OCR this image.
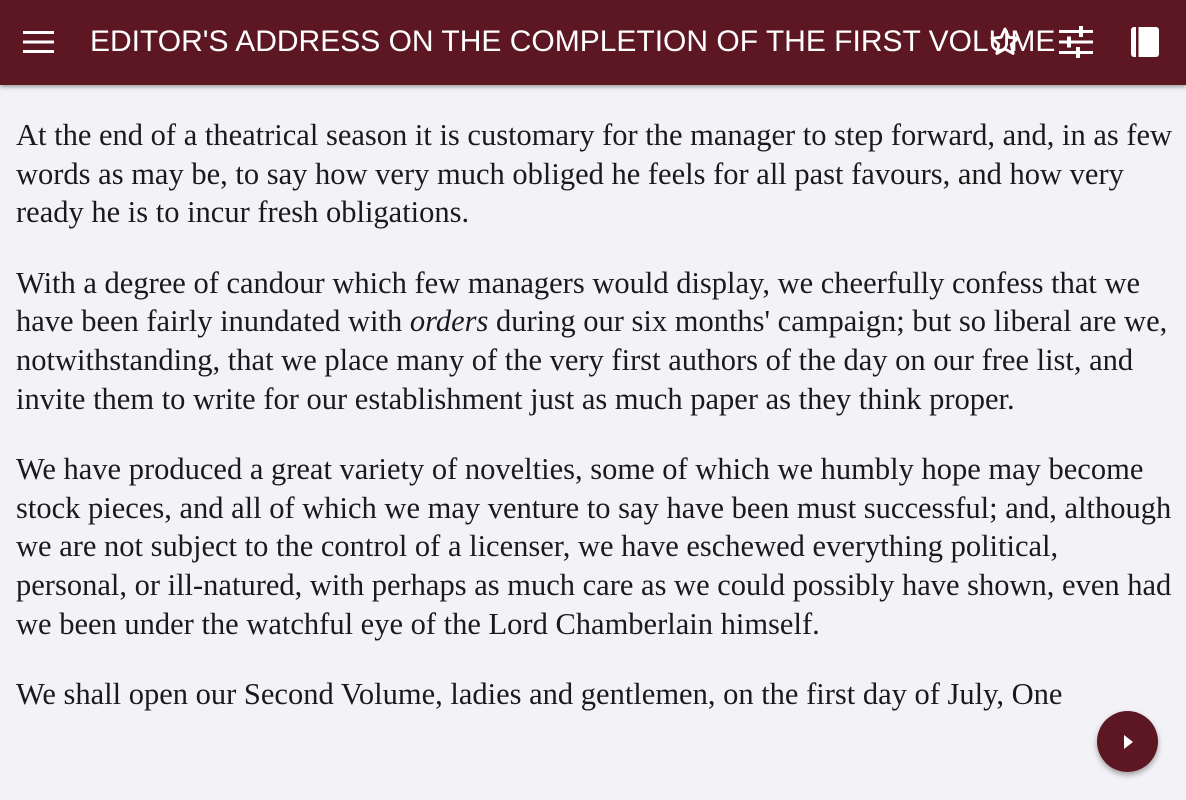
EDITOR'S ADDRESS ON THE COMPLETION OF THE FIRST VOLUME

At the end of a theatrical season it is customary for the manager to step forward, and, in as few words as may be, to say how very much obliged he feels for all past favours, and how very ready he is to incur fresh obligations.

With a degree of candour which few managers would display, we cheerfully confess that we have been fairly inundated with orders during our six months' campaign; but so liberal are we, notwithstanding, that we place many of the very first authors of the day on our free list, and invite them to write for our establishment just as much paper as they think proper.

We have produced a great variety of novelties, some of which we humbly hope may become stock pieces, and all of which we may venture to say have been must successful; and, although we are not subject to the control of a licenser, we have eschewed everything political, personal, or ill-natured, with perhaps as much care as we could possibly have shown, even had we been under the watchful eye of the Lord Chamberlain himself.

We shall open our Second Volume, ladies and gentlemen, on the first day of July, One
